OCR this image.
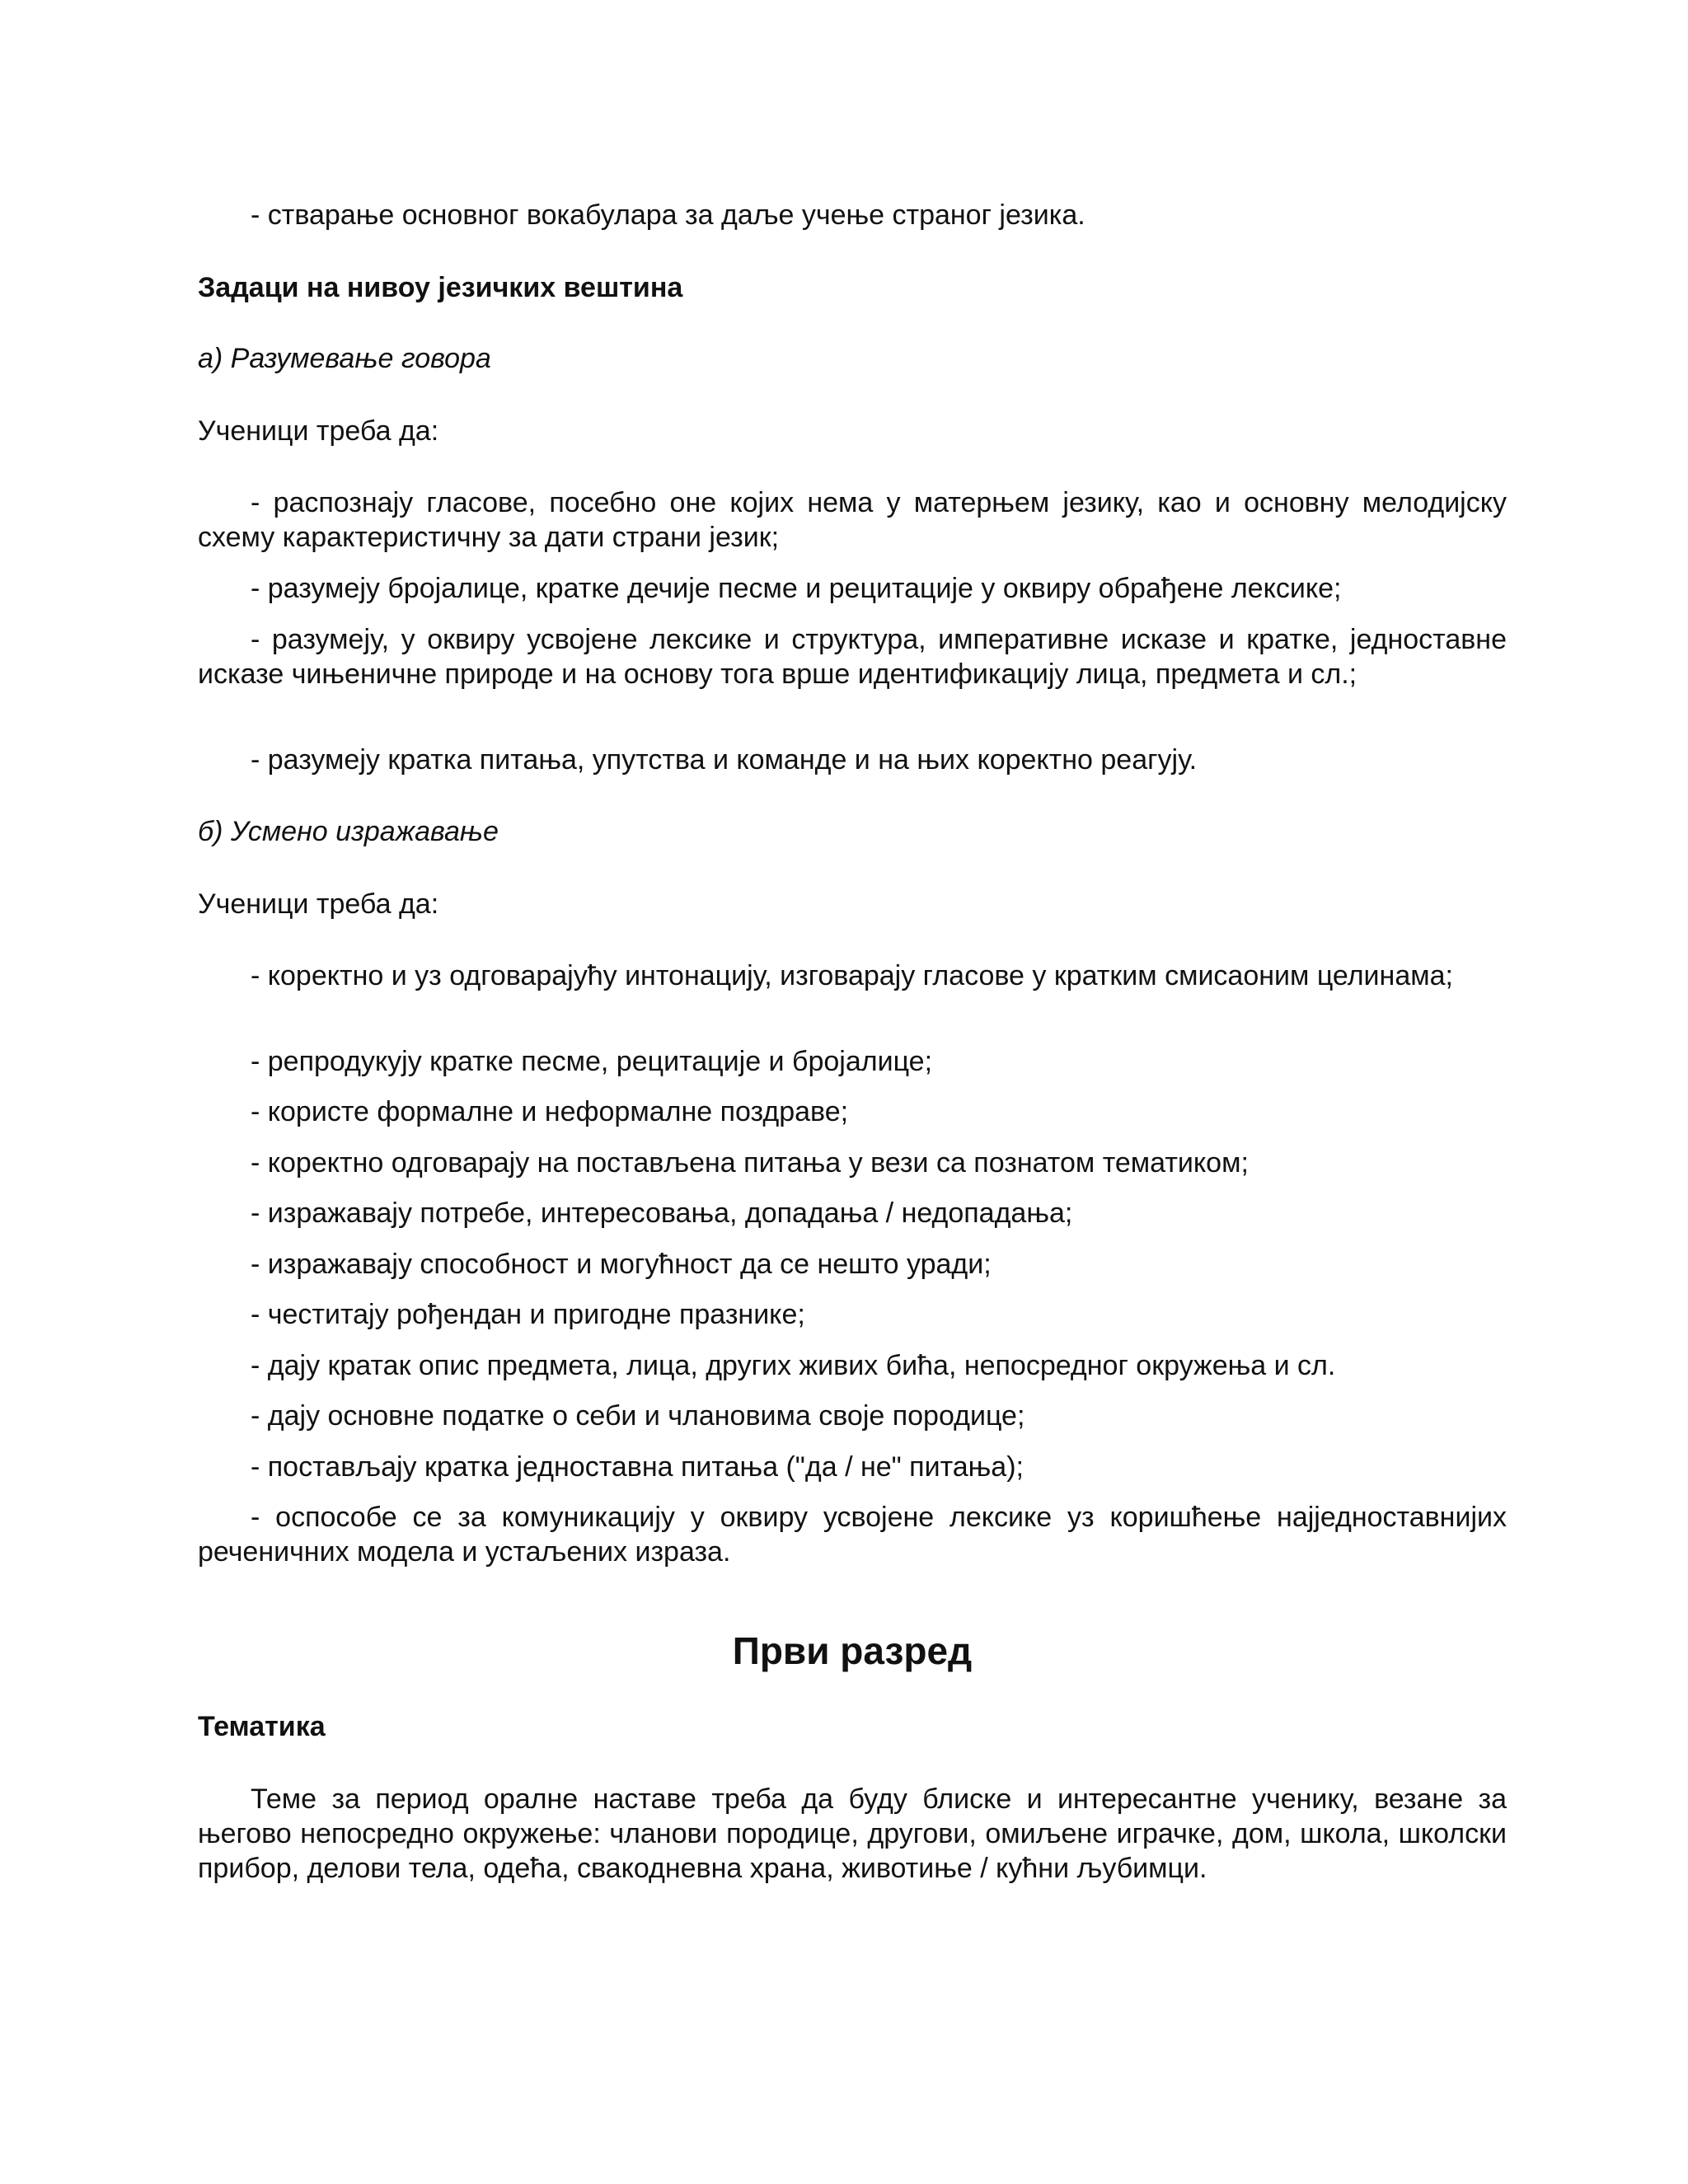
- стварање основног вокабулара за даље учење страног језика.

Задаци на нивоу језичких вештина

а) Разумевање говора

Ученици треба да:

- распознају гласове, посебно оне којих нема у матерњем језику, као и основну мелодијску схему карактеристичну за дати страни језик;

- разумеју бројалице, кратке дечије песме и рецитације у оквиру обрађене лексике;

- разумеју, у оквиру усвојене лексике и структура, императивне исказе и кратке, једноставне исказе чињеничне природе и на основу тога врше идентификацију лица, предмета и сл.;

- разумеју кратка питања, упутства и команде и на њих коректно реагују.

б) Усмено изражавање

Ученици треба да:

- коректно и уз одговарајућу интонацију, изговарају гласове у кратким смисаоним целинама;

- репродукују кратке песме, рецитације и бројалице;

- користе формалне и неформалне поздраве;

- коректно одговарају на постављена питања у вези са познатом тематиком;

- изражавају потребе, интересовања, допадања / недопадања;

- изражавају способност и могућност да се нешто уради;

- честитају рођендан и пригодне празнике;

- дају кратак опис предмета, лица, других живих бића, непосредног окружења и сл.

- дају основне податке о себи и члановима своје породице;

- постављају кратка једноставна питања ("да / не" питања);

- оспособе се за комуникацију у оквиру усвојене лексике уз коришћење најједноставнијих реченичних модела и устаљених израза.

Први разред

Тематика

Теме за период оралне наставе треба да буду блиске и интересантне ученику, везане за његово непосредно окружење: чланови породице, другови, омиљене играчке, дом, школа, школски прибор, делови тела, одећа, свакодневна храна, животиње / кућни љубимци.
